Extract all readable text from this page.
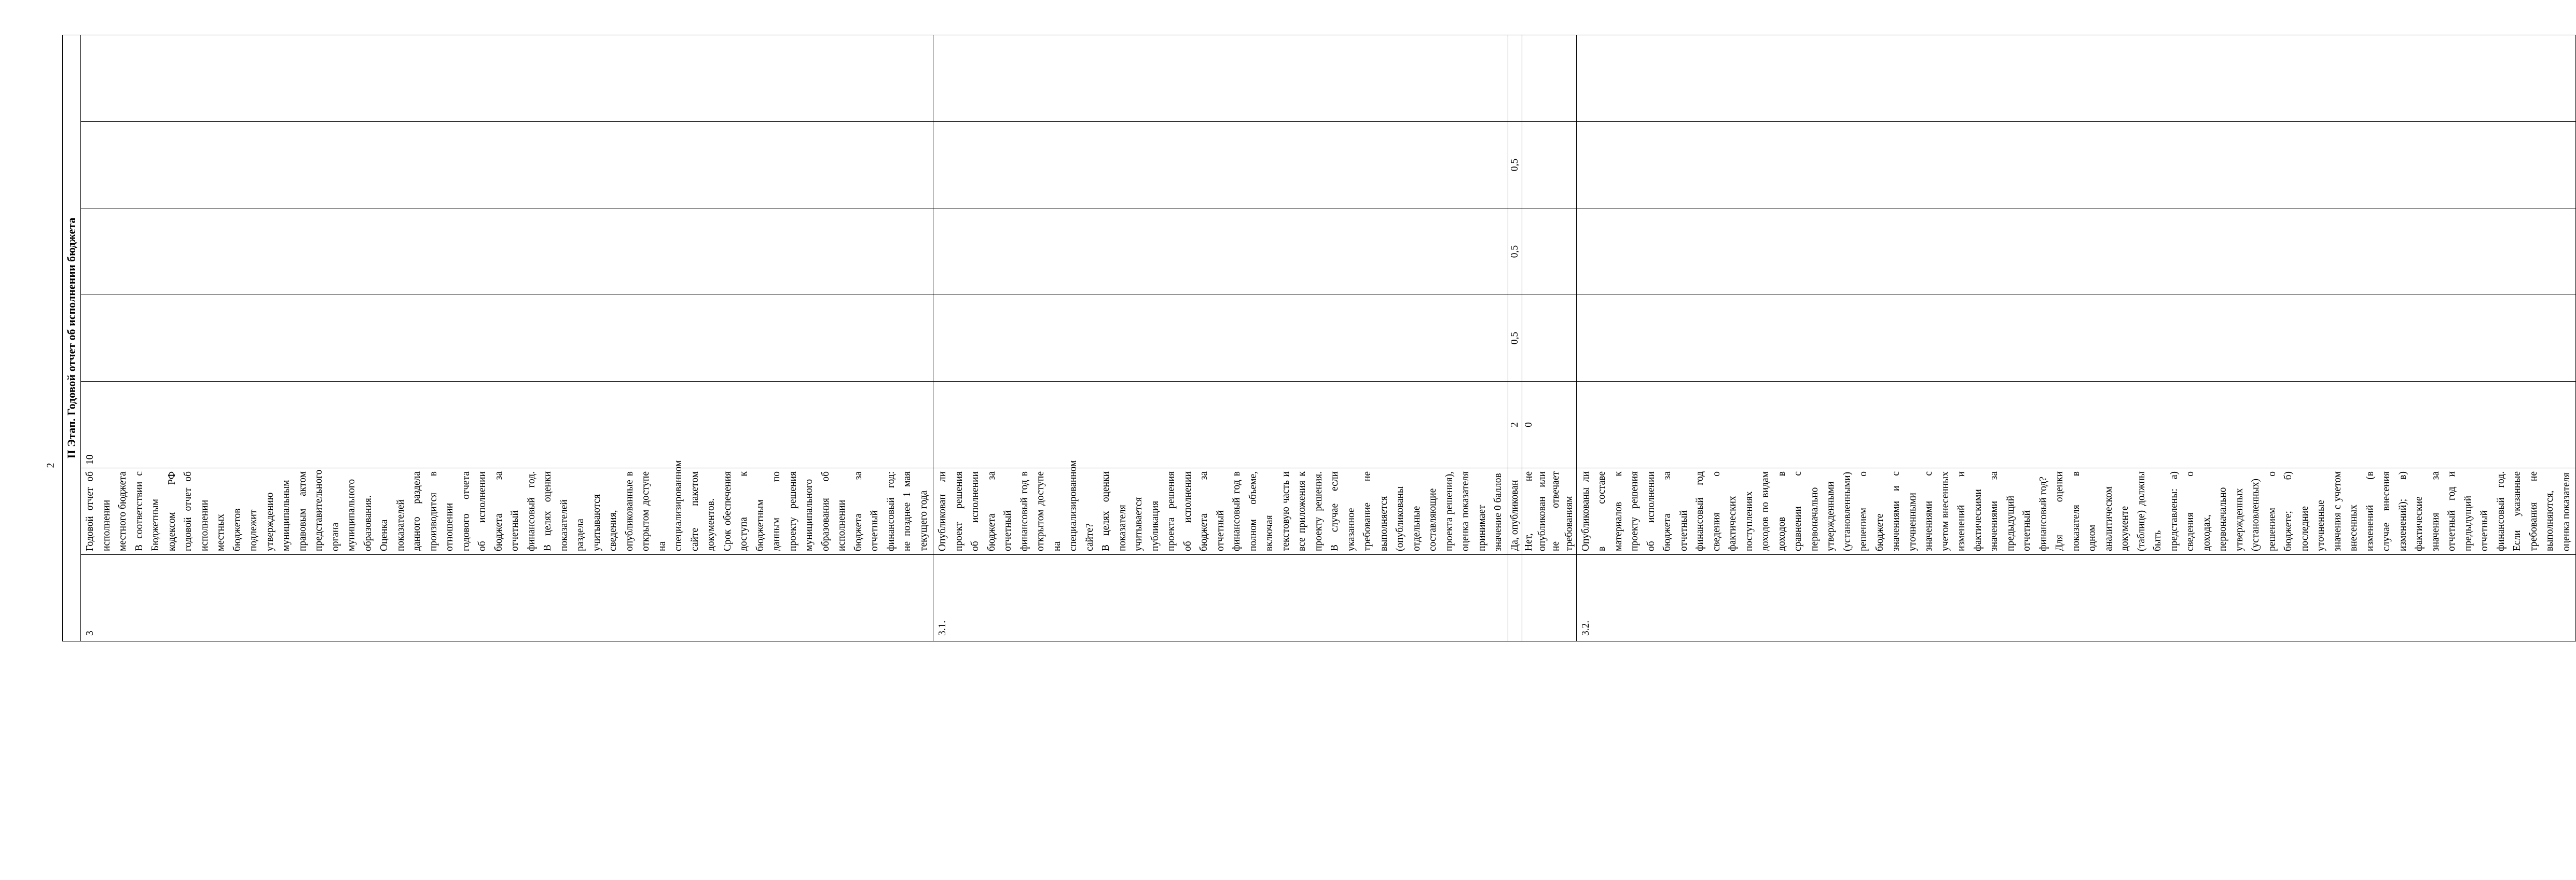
2
II Этап. Годовой отчет об исполнении бюджета						
3	Годовой отчет об исполнении местного бюджета В соответствии с Бюджетным кодексом РФ годовой отчет об исполнении местных бюджетов подлежит утверждению муниципальным правовым актом представительного органа муниципального образования. Оценка показателей данного раздела производится в отношении годового отчета об исполнении бюджета за отчетный финансовый год. В целях оценки показателей раздела учитываются сведения, опубликованные в открытом доступе на специализированном сайте пакетом документов. Срок обеспечения доступа к бюджетным данным по проекту решения муниципального образования об исполнении бюджета за отчетный финансовый год: не позднее 1 мая текущего года	10				
3.1.	Опубликован ли проект решения об исполнении бюджета за отчетный финансовый год в открытом доступе на специализированном сайте? В целях оценки показателя учитывается публикация проекта решения об исполнении бюджета за отчетный финансовый год в полном объеме, включая текстовую часть и все приложения к проекту решения. В случае если указанное требование не выполняется (опубликованы отдельные составляющие проекта решения), оценка показателя принимает значение 0 баллов					

	Да, опубликован	2	0,5	0,5	0,5	
	Нет, не опубликован или не отвечает требованиям	0				
3.2.	Опубликованы ли в составе материалов к проекту решения об исполнении бюджета за отчетный финансовый год сведения о фактических поступлениях доходов по видам доходов в сравнении с первоначально утвержденными (установленными) решением о бюджете значениями и с уточненными значениями с учетом внесенных изменений и фактическими значениями за предыдущий отчетный финансовый год? Для оценки показателя в одном аналитическом документе (таблице) должны быть представлены: а) сведения о доходах, первоначально утвержденных (установленных) решением о бюджете; б) последние уточненные значения с учетом внесенных изменений (в случае внесения изменений); в) фактические значения за отчетный год и предыдущий отчетный финансовый год. Если указанные требования не выполняются, оценка показателя					
